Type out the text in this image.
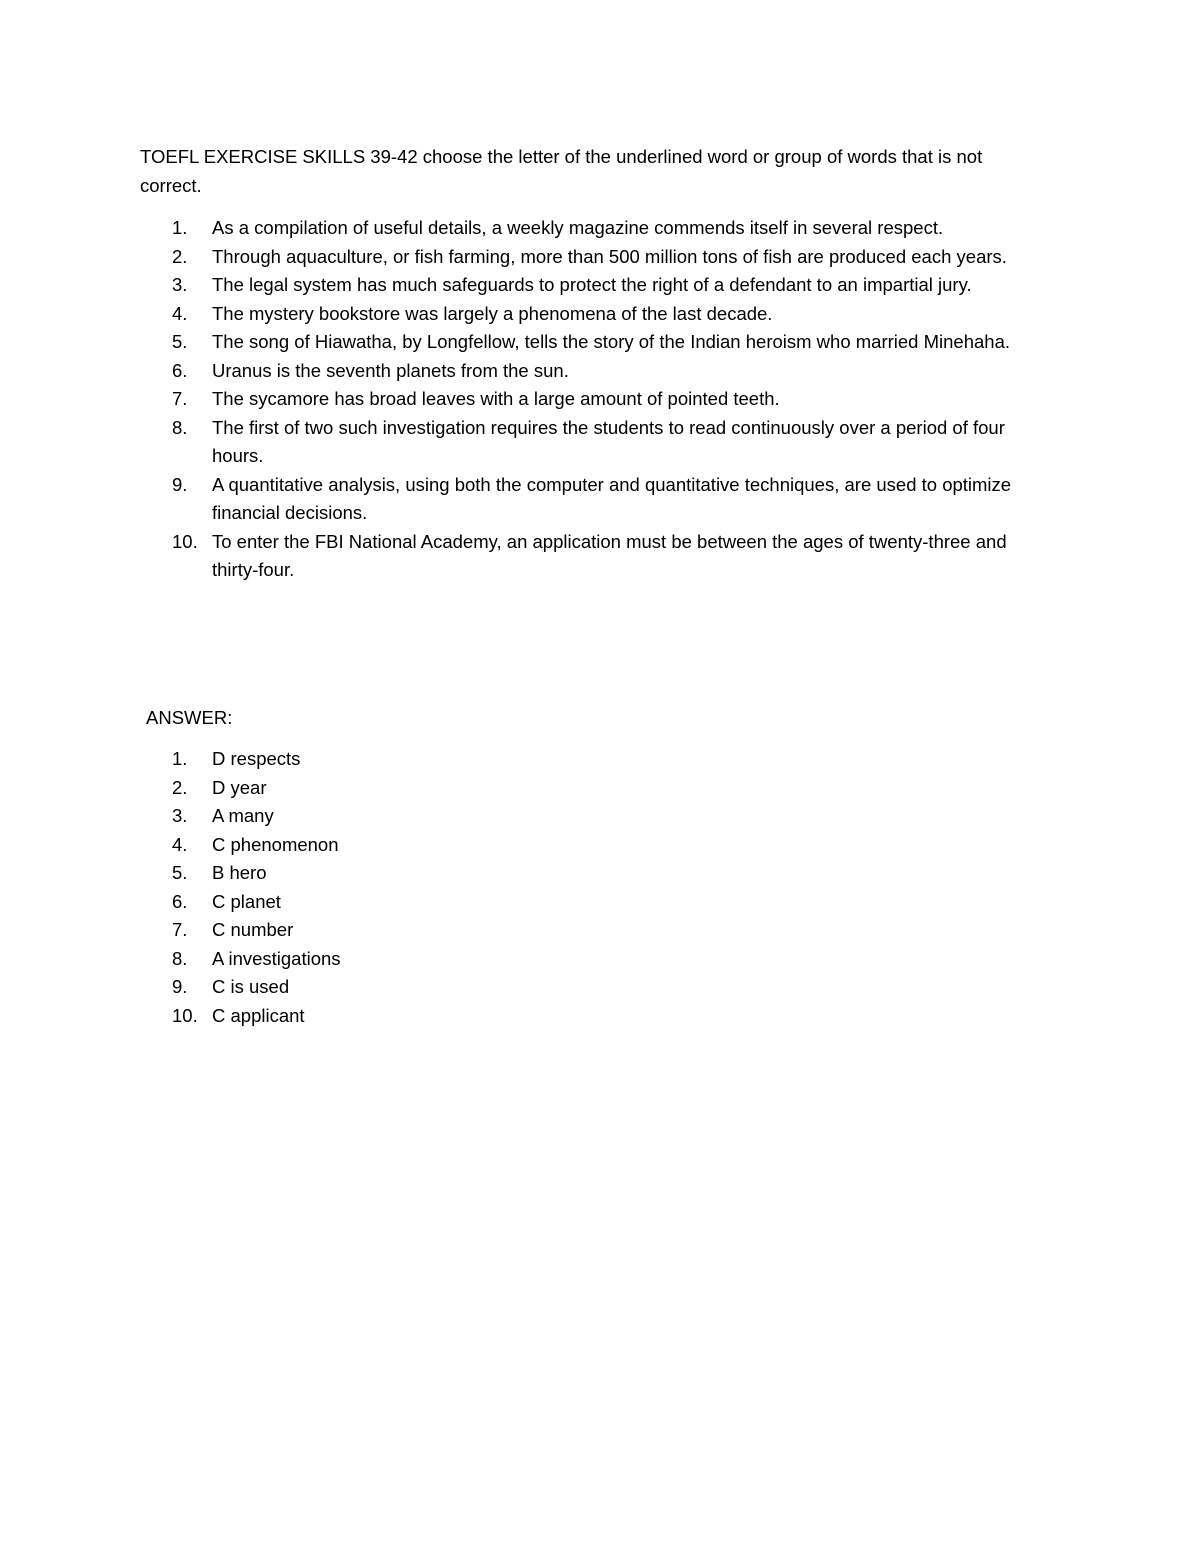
TOEFL EXERCISE SKILLS 39-42 choose the letter of the underlined word or group of words that is not correct.

1.	As a compilation of useful details, a weekly magazine commends itself in several respect.
2.	Through aquaculture, or fish farming, more than 500 million tons of fish are produced each years.
3.	The legal system has much safeguards to protect the right of a defendant to an impartial jury.
4.	The mystery bookstore was largely a phenomena of the last decade.
5.	The song of Hiawatha, by Longfellow, tells the story of the Indian heroism who married Minehaha.
6.	Uranus is the seventh planets from the sun.
7.	The sycamore has broad leaves with a large amount of pointed teeth.
8.	The first of two such investigation requires the students to read continuously over a period of four hours.
9.	A quantitative analysis, using both the computer and quantitative techniques, are used to optimize financial decisions.
10. To enter the FBI National Academy, an application must be between the ages of twenty-three and thirty-four.

ANSWER:

1.	D respects
2.	D year
3.	A many
4.	C phenomenon
5.	B hero
6.	C planet
7.	C number
8.	A investigations
9.	C is used
10. C applicant
